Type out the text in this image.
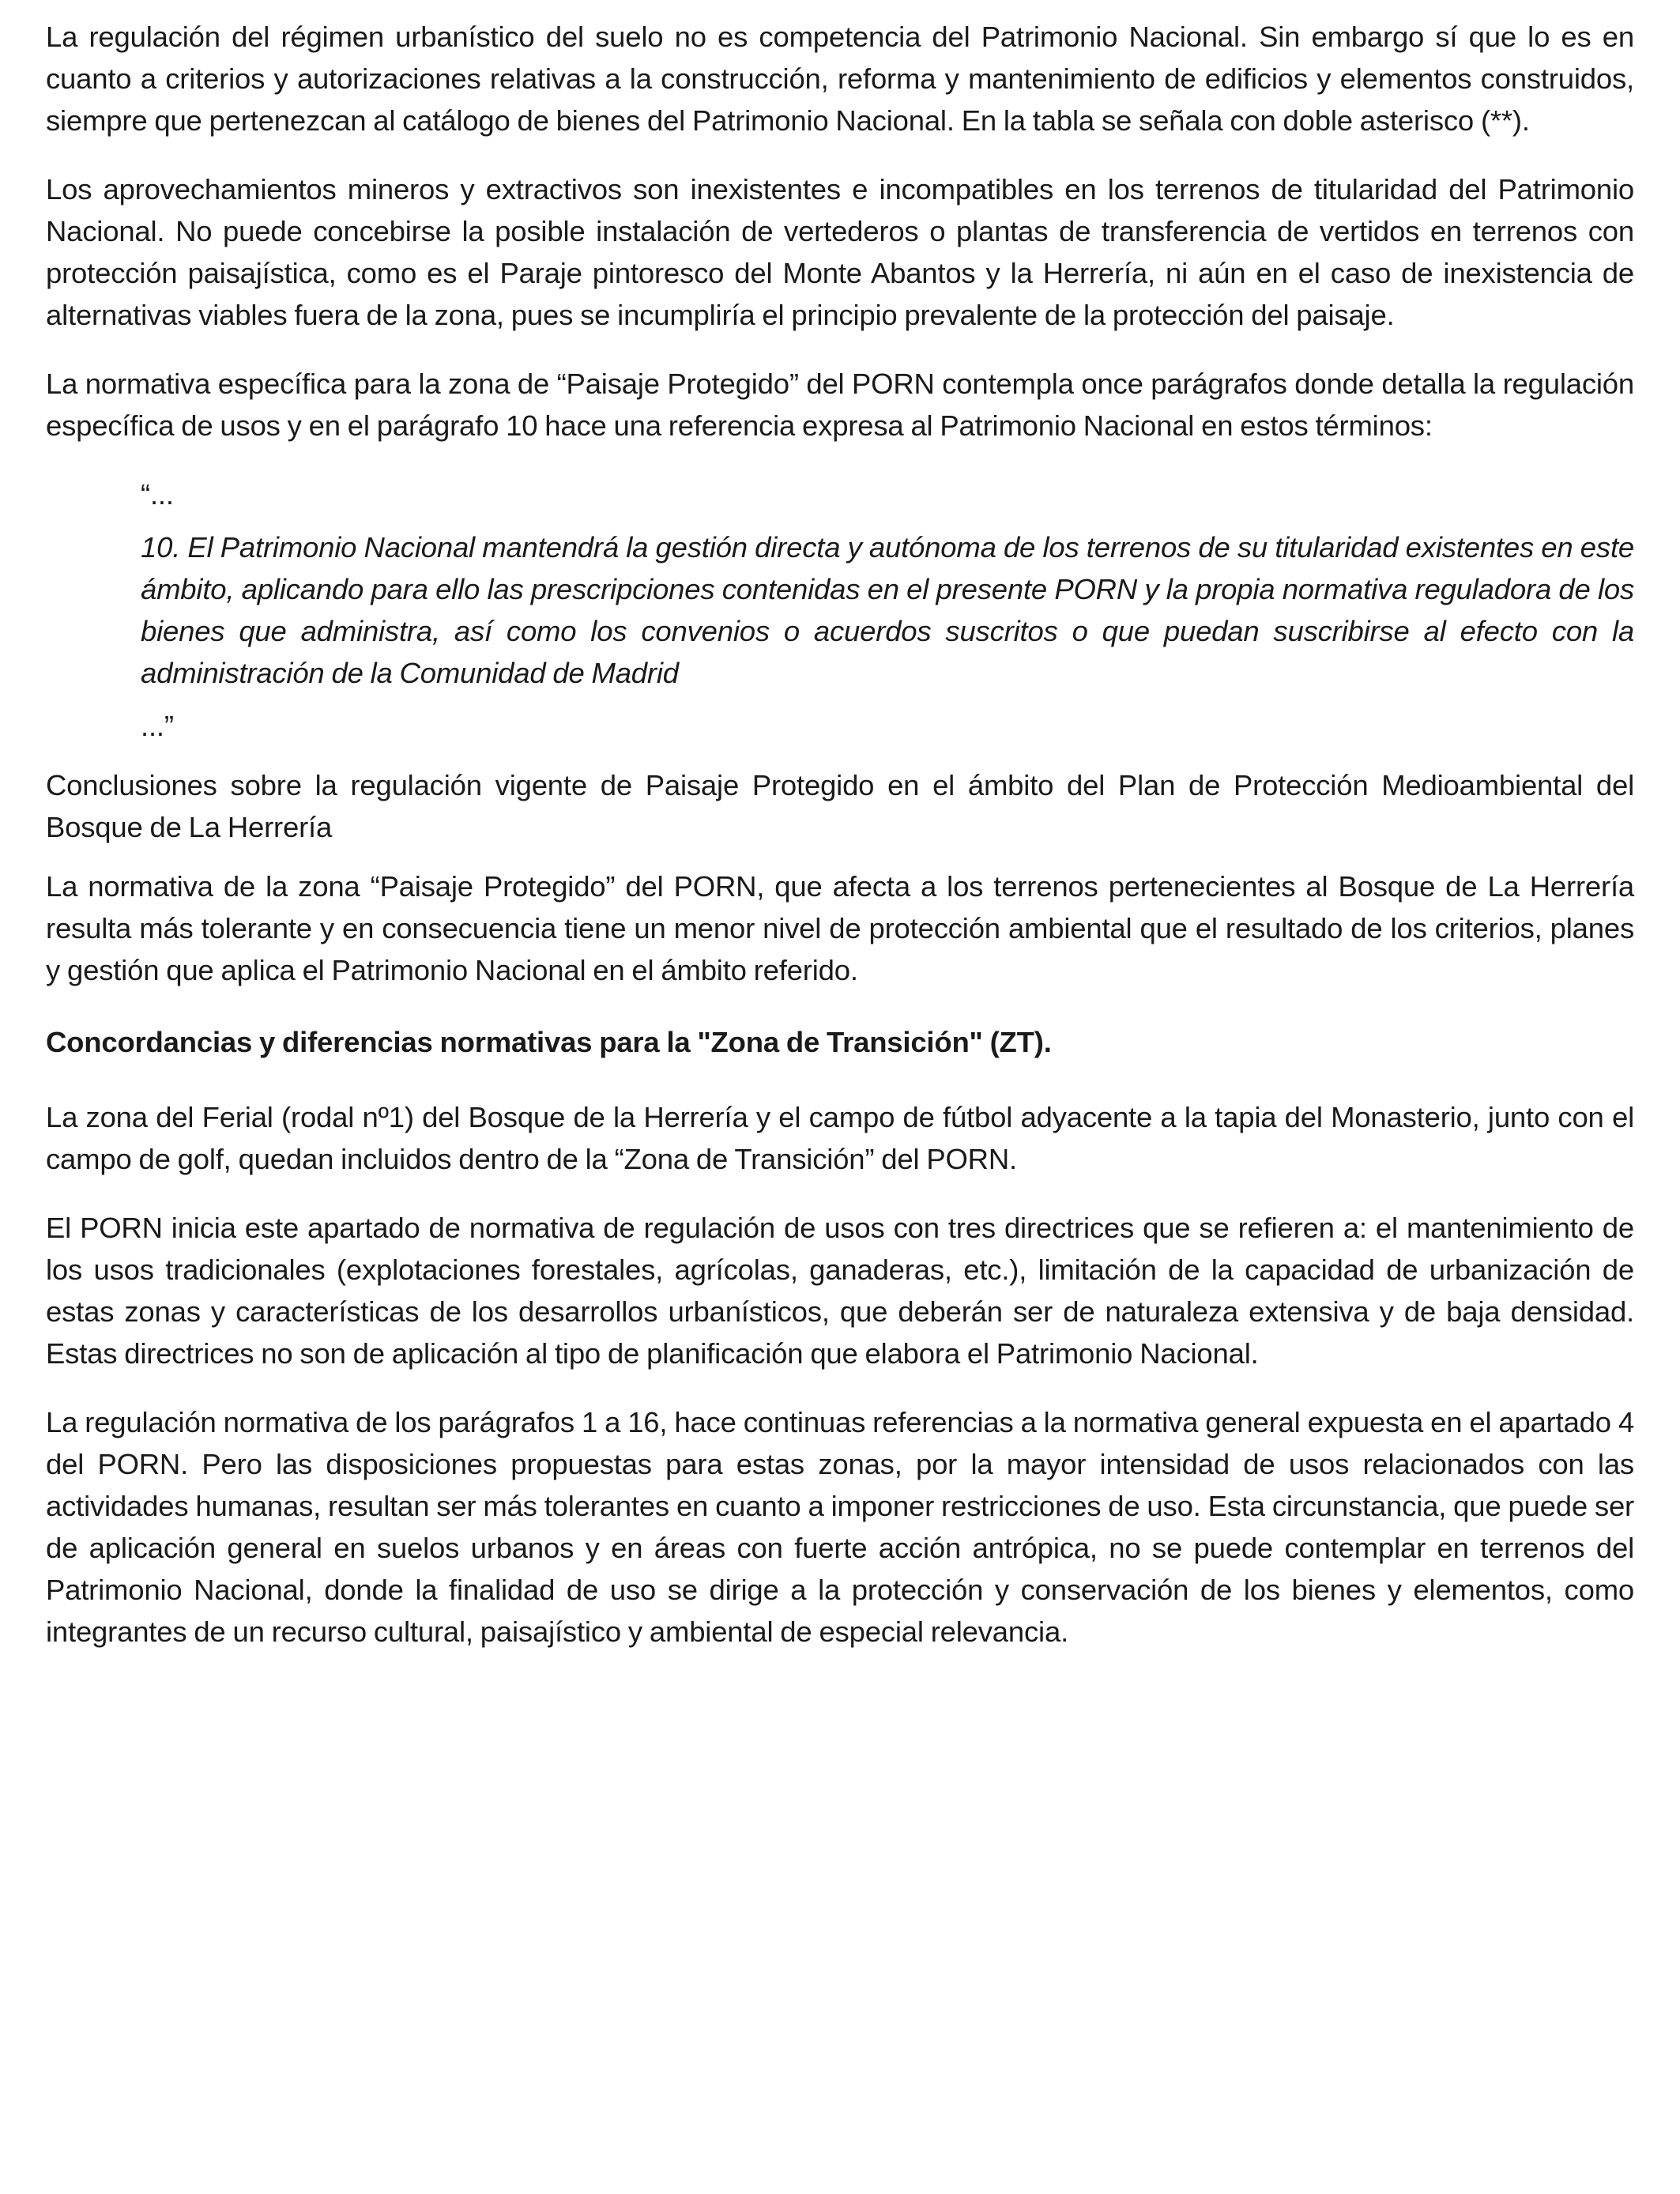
La regulación del régimen urbanístico del suelo no es competencia del Patrimonio Nacional. Sin embargo sí que lo es en cuanto a criterios y autorizaciones relativas a la construcción, reforma y mantenimiento de edificios y elementos construidos, siempre que pertenezcan al catálogo de bienes del Patrimonio Nacional. En la tabla se señala con doble asterisco (**).

Los aprovechamientos mineros y extractivos son inexistentes e incompatibles en los terrenos de titularidad del Patrimonio Nacional. No puede concebirse la posible instalación de vertederos o plantas de transferencia de vertidos en terrenos con protección paisajística, como es el Paraje pintoresco del Monte Abantos y la Herrería, ni aún en el caso de inexistencia de alternativas viables fuera de la zona, pues se incumpliría el principio prevalente de la protección del paisaje.

La normativa específica para la zona de “Paisaje Protegido” del PORN contempla once parágrafos donde detalla la regulación específica de usos y en el parágrafo 10 hace una referencia expresa al Patrimonio Nacional en estos términos:

“...

10. El Patrimonio Nacional mantendrá la gestión directa y autónoma de los terrenos de su titularidad existentes en este ámbito, aplicando para ello las prescripciones contenidas en el presente PORN y la propia normativa reguladora de los bienes que administra, así como los convenios o acuerdos suscritos o que puedan suscribirse al efecto con la administración de la Comunidad de Madrid

...”

Conclusiones sobre la regulación vigente de Paisaje Protegido en el ámbito del Plan de Protección Medioambiental del Bosque de La Herrería

La normativa de la zona “Paisaje Protegido” del PORN, que afecta a los terrenos pertenecientes al Bosque de La Herrería resulta más tolerante y en consecuencia tiene un menor nivel de protección ambiental que el resultado de los criterios, planes y gestión que aplica el Patrimonio Nacional en el ámbito referido.

Concordancias y diferencias normativas para la "Zona de Transición" (ZT).

La zona del Ferial (rodal nº1) del Bosque de la Herrería y el campo de fútbol adyacente a la tapia del Monasterio, junto con el campo de golf, quedan incluidos dentro de la “Zona de Transición” del PORN.

El PORN inicia este apartado de normativa de regulación de usos con tres directrices que se refieren a: el mantenimiento de los usos tradicionales (explotaciones forestales, agrícolas, ganaderas, etc.), limitación de la capacidad de urbanización de estas zonas y características de los desarrollos urbanísticos, que deberán ser de naturaleza extensiva y de baja densidad. Estas directrices no son de aplicación al tipo de planificación que elabora el Patrimonio Nacional.

La regulación normativa de los parágrafos 1 a 16, hace continuas referencias a la normativa general expuesta en el apartado 4 del PORN. Pero las disposiciones propuestas para estas zonas, por la mayor intensidad de usos relacionados con las actividades humanas, resultan ser más tolerantes en cuanto a imponer restricciones de uso. Esta circunstancia, que puede ser de aplicación general en suelos urbanos y en áreas con fuerte acción antrópica, no se puede contemplar en terrenos del Patrimonio Nacional, donde la finalidad de uso se dirige a la protección y conservación de los bienes y elementos, como integrantes de un recurso cultural, paisajístico y ambiental de especial relevancia.
